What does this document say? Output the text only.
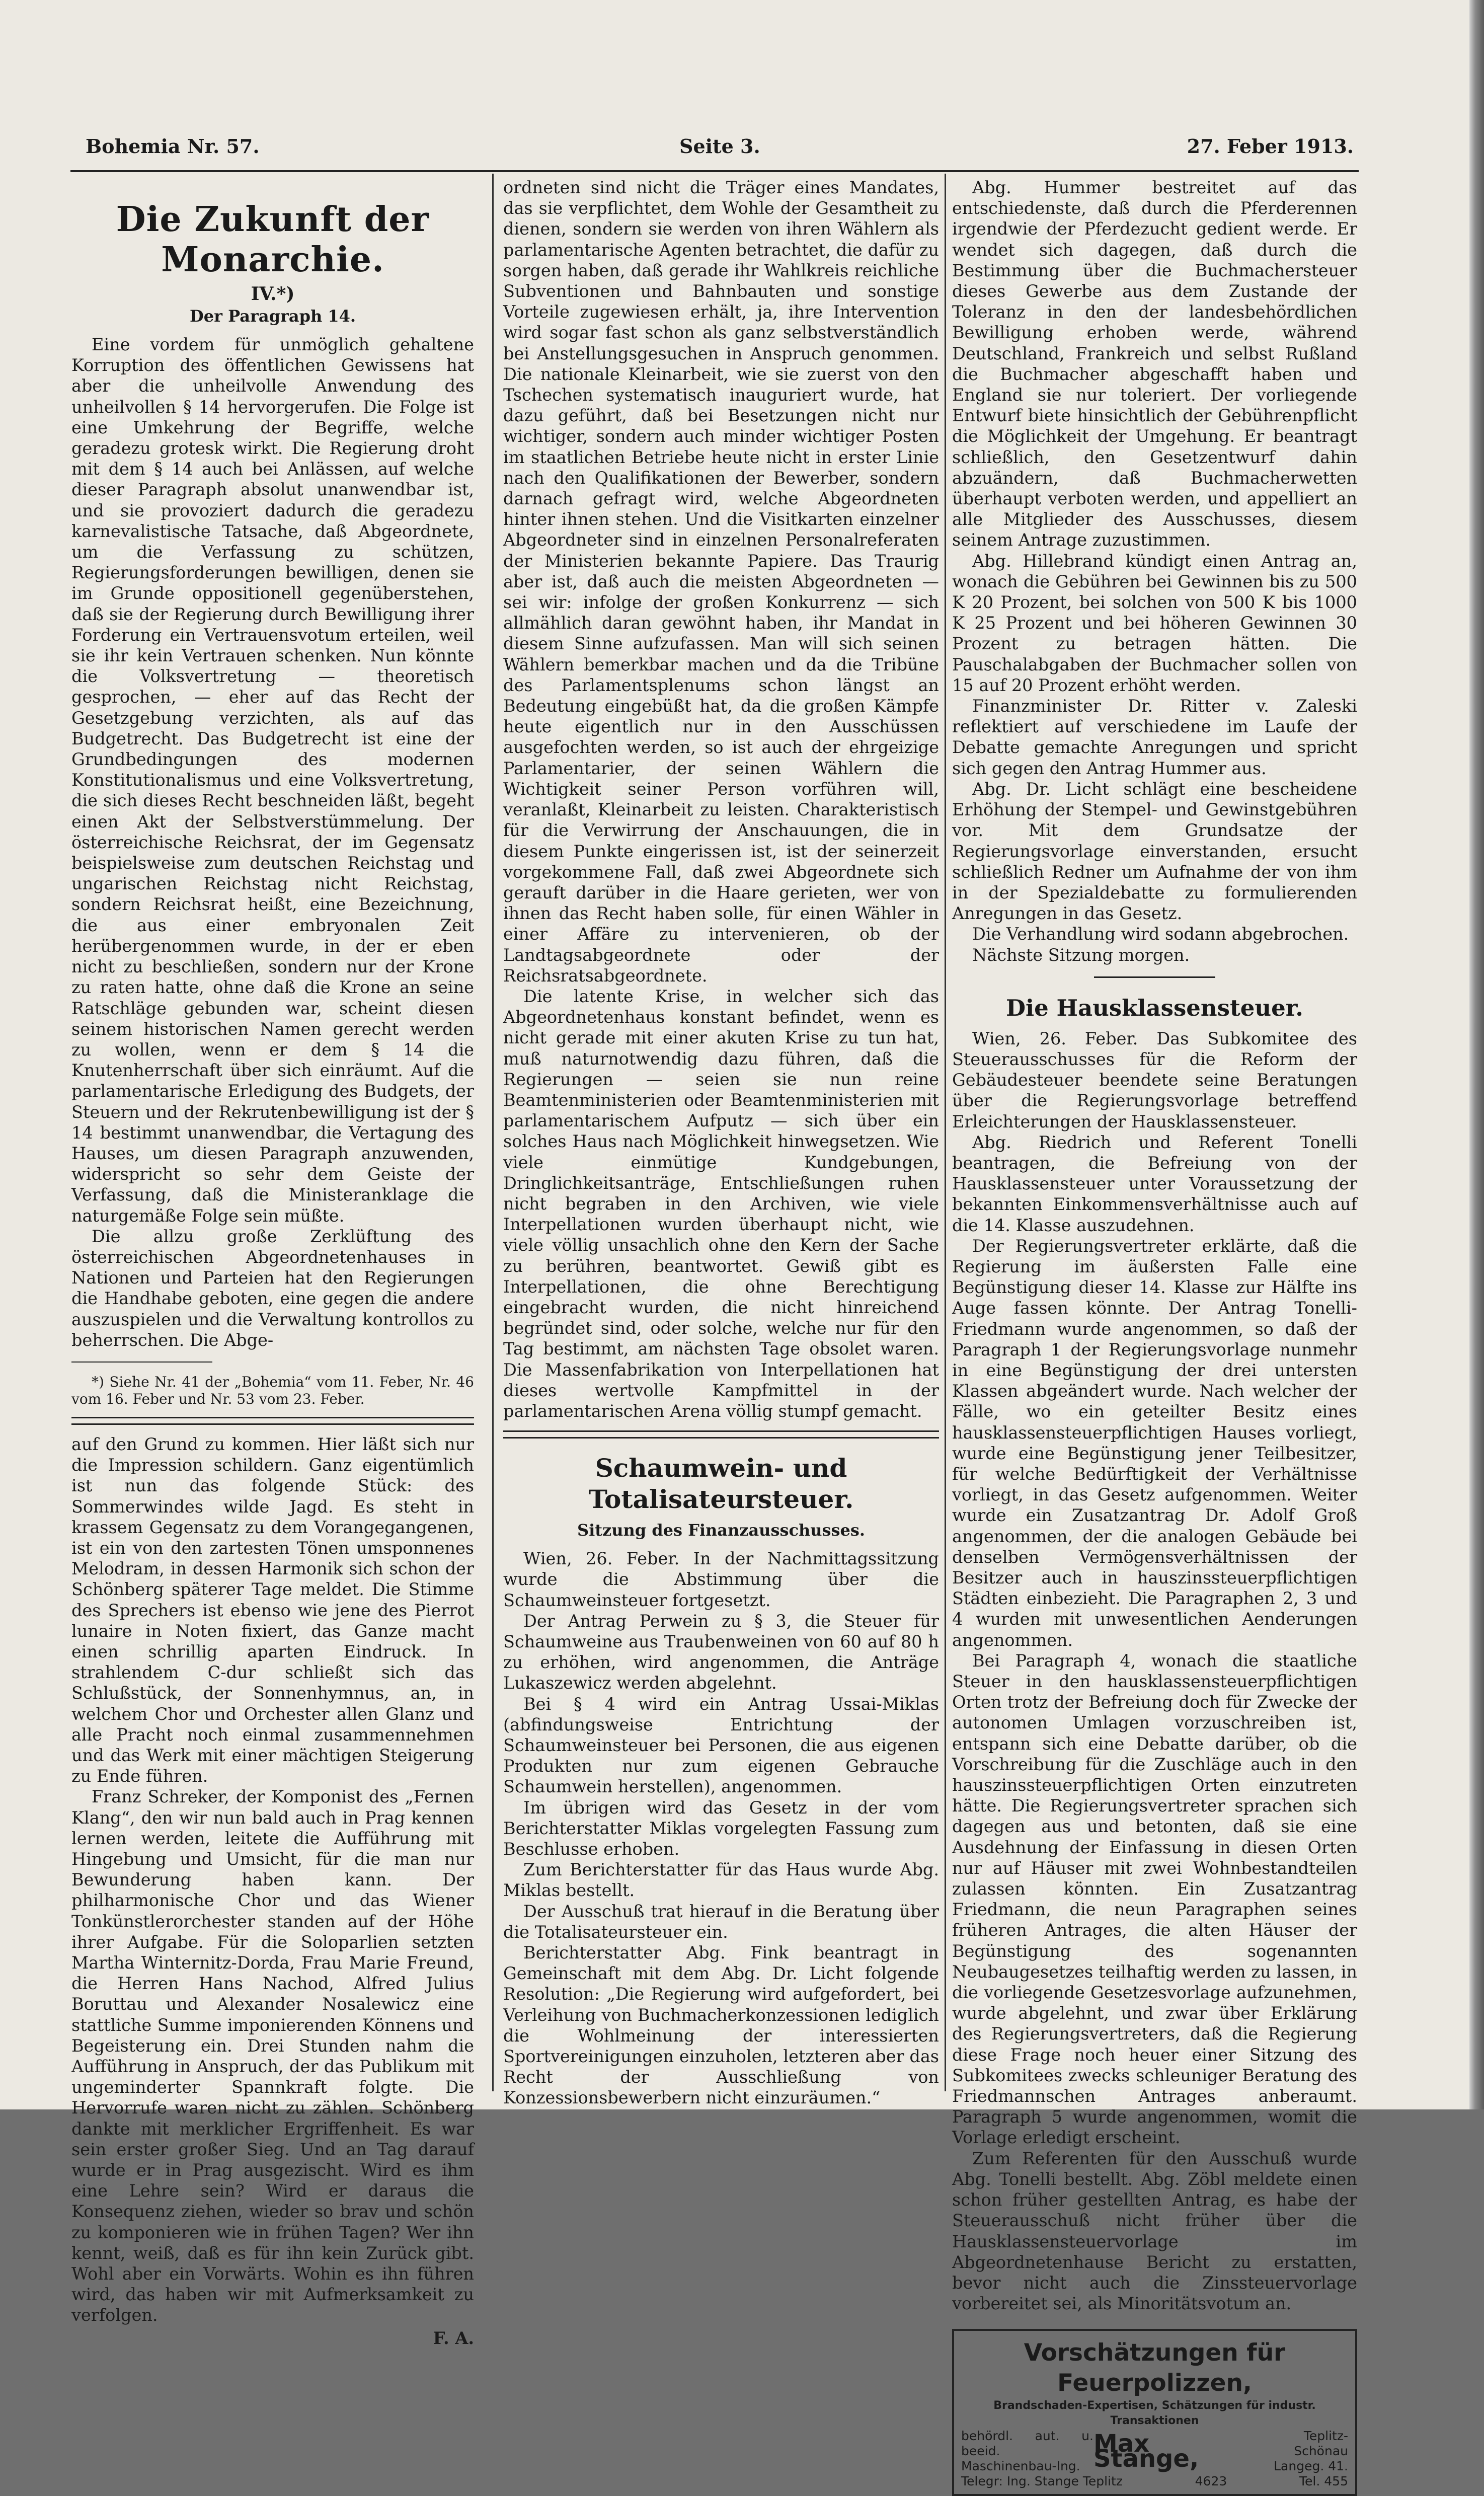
Bohemia Nr. 57.	Seite 3.	27. Feber 1913.
Die Zukunft der Monarchie.
IV.*)
Der Paragraph 14.

Eine vordem für unmöglich gehaltene Korruption des öffentlichen Gewissens hat aber die unheilvolle Anwendung des unheilvollen § 14 hervorgerufen. Die Folge ist eine Umkehrung der Begriffe, welche geradezu grotesk wirkt. Die Regierung droht mit dem § 14 auch bei Anlässen, auf welche dieser Paragraph absolut unanwendbar ist, und sie provoziert dadurch die geradezu karnevalistische Tatsache, daß Abgeordnete, um die Verfassung zu schützen, Regierungsforderungen bewilligen, denen sie im Grunde oppositionell gegenüberstehen, daß sie der Regierung durch Bewilligung ihrer Forderung ein Vertrauensvotum erteilen, weil sie ihr kein Vertrauen schenken. Nun könnte die Volksvertretung — theoretisch gesprochen, — eher auf das Recht der Gesetzgebung verzichten, als auf das Budgetrecht. Das Budgetrecht ist eine der Grundbedingungen des modernen Konstitutionalismus und eine Volksvertretung, die sich dieses Recht beschneiden läßt, begeht einen Akt der Selbstverstümmelung. Der österreichische Reichsrat, der im Gegensatz beispielsweise zum deutschen Reichstag und ungarischen Reichstag nicht Reichstag, sondern Reichsrat heißt, eine Bezeichnung, die aus einer embryonalen Zeit herübergenommen wurde, in der er eben nicht zu beschließen, sondern nur der Krone zu raten hatte, ohne daß die Krone an seine Ratschläge gebunden war, scheint diesen seinem historischen Namen gerecht werden zu wollen, wenn er dem § 14 die Knutenherrschaft über sich einräumt. Auf die parlamentarische Erledigung des Budgets, der Steuern und der Rekrutenbewilligung ist der § 14 bestimmt unanwendbar, die Vertagung des Hauses, um diesen Paragraph anzuwenden, widerspricht so sehr dem Geiste der Verfassung, daß die Ministeranklage die naturgemäße Folge sein müßte.

Die allzu große Zerklüftung des österreichischen Abgeordnetenhauses in Nationen und Parteien hat den Regierungen die Handhabe geboten, eine gegen die andere auszuspielen und die Verwaltung kontrollos zu beherrschen. Die Abge-

*) Siehe Nr. 41 der „Bohemia“ vom 11. Feber, Nr. 46 vom 16. Feber und Nr. 53 vom 23. Feber.

auf den Grund zu kommen. Hier läßt sich nur die Impression schildern. Ganz eigentümlich ist nun das folgende Stück: des Sommerwindes wilde Jagd. Es steht in krassem Gegensatz zu dem Vorangegangenen, ist ein von den zartesten Tönen umsponnenes Melodram, in dessen Harmonik sich schon der Schönberg späterer Tage meldet. Die Stimme des Sprechers ist ebenso wie jene des Pierrot lunaire in Noten fixiert, das Ganze macht einen schrillig aparten Eindruck. In strahlendem C-dur schließt sich das Schlußstück, der Sonnenhymnus, an, in welchem Chor und Orchester allen Glanz und alle Pracht noch einmal zusammennehmen und das Werk mit einer mächtigen Steigerung zu Ende führen.

Franz Schreker, der Komponist des „Fernen Klang“, den wir nun bald auch in Prag kennen lernen werden, leitete die Aufführung mit Hingebung und Umsicht, für die man nur Bewunderung haben kann. Der philharmonische Chor und das Wiener Tonkünstlerorchester standen auf der Höhe ihrer Aufgabe. Für die Soloparlien setzten Martha Winternitz-Dorda, Frau Marie Freund, die Herren Hans Nachod, Alfred Julius Boruttau und Alexander Nosalewicz eine stattliche Summe imponierenden Könnens und Begeisterung ein. Drei Stunden nahm die Aufführung in Anspruch, der das Publikum mit ungeminderter Spannkraft folgte. Die Hervorrufe waren nicht zu zählen. Schönberg dankte mit merklicher Ergriffenheit. Es war sein erster großer Sieg. Und an Tag darauf wurde er in Prag ausgezischt. Wird es ihm eine Lehre sein? Wird er daraus die Konsequenz ziehen, wieder so brav und schön zu komponieren wie in frühen Tagen? Wer ihn kennt, weiß, daß es für ihn kein Zurück gibt. Wohl aber ein Vorwärts. Wohin es ihn führen wird, das haben wir mit Aufmerksamkeit zu verfolgen.

F. A.

ordneten sind nicht die Träger eines Mandates, das sie verpflichtet, dem Wohle der Gesamtheit zu dienen, sondern sie werden von ihren Wählern als parlamentarische Agenten betrachtet, die dafür zu sorgen haben, daß gerade ihr Wahlkreis reichliche Subventionen und Bahnbauten und sonstige Vorteile zugewiesen erhält, ja, ihre Intervention wird sogar fast schon als ganz selbstverständlich bei Anstellungsgesuchen in Anspruch genommen. Die nationale Kleinarbeit, wie sie zuerst von den Tschechen systematisch inauguriert wurde, hat dazu geführt, daß bei Besetzungen nicht nur wichtiger, sondern auch minder wichtiger Posten im staatlichen Betriebe heute nicht in erster Linie nach den Qualifikationen der Bewerber, sondern darnach gefragt wird, welche Abgeordneten hinter ihnen stehen. Und die Visitkarten einzelner Abgeordneter sind in einzelnen Personalreferaten der Ministerien bekannte Papiere. Das Traurig aber ist, daß auch die meisten Abgeordneten — sei wir: infolge der großen Konkurrenz — sich allmählich daran gewöhnt haben, ihr Mandat in diesem Sinne aufzufassen. Man will sich seinen Wählern bemerkbar machen und da die Tribüne des Parlamentsplenums schon längst an Bedeutung eingebüßt hat, da die großen Kämpfe heute eigentlich nur in den Ausschüssen ausgefochten werden, so ist auch der ehrgeizige Parlamentarier, der seinen Wählern die Wichtigkeit seiner Person vorführen will, veranlaßt, Kleinarbeit zu leisten. Charakteristisch für die Verwirrung der Anschauungen, die in diesem Punkte eingerissen ist, ist der seinerzeit vorgekommene Fall, daß zwei Abgeordnete sich gerauft darüber in die Haare gerieten, wer von ihnen das Recht haben solle, für einen Wähler in einer Affäre zu intervenieren, ob der Landtagsabgeordnete oder der Reichsratsabgeordnete.

Die latente Krise, in welcher sich das Abgeordnetenhaus konstant befindet, wenn es nicht gerade mit einer akuten Krise zu tun hat, muß naturnotwendig dazu führen, daß die Regierungen — seien sie nun reine Beamtenministerien oder Beamtenministerien mit parlamentarischem Aufputz — sich über ein solches Haus nach Möglichkeit hinwegsetzen. Wie viele einmütige Kundgebungen, Dringlichkeitsanträge, Entschließungen ruhen nicht begraben in den Archiven, wie viele Interpellationen wurden überhaupt nicht, wie viele völlig unsachlich ohne den Kern der Sache zu berühren, beantwortet. Gewiß gibt es Interpellationen, die ohne Berechtigung eingebracht wurden, die nicht hinreichend begründet sind, oder solche, welche nur für den Tag bestimmt, am nächsten Tage obsolet waren. Die Massenfabrikation von Interpellationen hat dieses wertvolle Kampfmittel in der parlamentarischen Arena völlig stumpf gemacht.

Schaumwein- und Totalisateursteuer.
Sitzung des Finanzausschusses.

Wien, 26. Feber. In der Nachmittagssitzung wurde die Abstimmung über die Schaumweinsteuer fortgesetzt.

Der Antrag Perwein zu § 3, die Steuer für Schaumweine aus Traubenweinen von 60 auf 80 h zu erhöhen, wird angenommen, die Anträge Lukaszewicz werden abgelehnt.

Bei § 4 wird ein Antrag Ussai-Miklas (abfindungsweise Entrichtung der Schaumweinsteuer bei Personen, die aus eigenen Produkten nur zum eigenen Gebrauche Schaumwein herstellen), angenommen.

Im übrigen wird das Gesetz in der vom Berichterstatter Miklas vorgelegten Fassung zum Beschlusse erhoben.

Zum Berichterstatter für das Haus wurde Abg. Miklas bestellt.

Der Ausschuß trat hierauf in die Beratung über die Totalisateursteuer ein.

Berichterstatter Abg. Fink beantragt in Gemeinschaft mit dem Abg. Dr. Licht folgende Resolution: „Die Regierung wird aufgefordert, bei Verleihung von Buchmacherkonzessionen lediglich die Wohlmeinung der interessierten Sportvereinigungen einzuholen, letzteren aber das Recht der Ausschließung von Konzessionsbewerbern nicht einzuräumen.“

Abg. Hummer bestreitet auf das entschiedenste, daß durch die Pferderennen irgendwie der Pferdezucht gedient werde. Er wendet sich dagegen, daß durch die Bestimmung über die Buchmachersteuer dieses Gewerbe aus dem Zustande der Toleranz in den der landesbehördlichen Bewilligung erhoben werde, während Deutschland, Frankreich und selbst Rußland die Buchmacher abgeschafft haben und England sie nur toleriert. Der vorliegende Entwurf biete hinsichtlich der Gebührenpflicht die Möglichkeit der Umgehung. Er beantragt schließlich, den Gesetzentwurf dahin abzuändern, daß Buchmacherwetten überhaupt verboten werden, und appelliert an alle Mitglieder des Ausschusses, diesem seinem Antrage zuzustimmen.

Abg. Hillebrand kündigt einen Antrag an, wonach die Gebühren bei Gewinnen bis zu 500 K 20 Prozent, bei solchen von 500 K bis 1000 K 25 Prozent und bei höheren Gewinnen 30 Prozent zu betragen hätten. Die Pauschalabgaben der Buchmacher sollen von 15 auf 20 Prozent erhöht werden.

Finanzminister Dr. Ritter v. Zaleski reflektiert auf verschiedene im Laufe der Debatte gemachte Anregungen und spricht sich gegen den Antrag Hummer aus.

Abg. Dr. Licht schlägt eine bescheidene Erhöhung der Stempel- und Gewinstgebühren vor. Mit dem Grundsatze der Regierungsvorlage einverstanden, ersucht schließlich Redner um Aufnahme der von ihm in der Spezialdebatte zu formulierenden Anregungen in das Gesetz.

Die Verhandlung wird sodann abgebrochen.

Nächste Sitzung morgen.

Die Hausklassensteuer.

Wien, 26. Feber. Das Subkomitee des Steuerausschusses für die Reform der Gebäudesteuer beendete seine Beratungen über die Regierungsvorlage betreffend Erleichterungen der Hausklassensteuer.

Abg. Riedrich und Referent Tonelli beantragen, die Befreiung von der Hausklassensteuer unter Voraussetzung der bekannten Einkommensverhältnisse auch auf die 14. Klasse auszudehnen.

Der Regierungsvertreter erklärte, daß die Regierung im äußersten Falle eine Begünstigung dieser 14. Klasse zur Hälfte ins Auge fassen könnte. Der Antrag Tonelli-Friedmann wurde angenommen, so daß der Paragraph 1 der Regierungsvorlage nunmehr in eine Begünstigung der drei untersten Klassen abgeändert wurde. Nach welcher der Fälle, wo ein geteilter Besitz eines hausklassensteuerpflichtigen Hauses vorliegt, wurde eine Begünstigung jener Teilbesitzer, für welche Bedürftigkeit der Verhältnisse vorliegt, in das Gesetz aufgenommen. Weiter wurde ein Zusatzantrag Dr. Adolf Groß angenommen, der die analogen Gebäude bei denselben Vermögensverhältnissen der Besitzer auch in hauszinssteuerpflichtigen Städten einbezieht. Die Paragraphen 2, 3 und 4 wurden mit unwesentlichen Aenderungen angenommen.

Bei Paragraph 4, wonach die staatliche Steuer in den hausklassensteuerpflichtigen Orten trotz der Befreiung doch für Zwecke der autonomen Umlagen vorzuschreiben ist, entspann sich eine Debatte darüber, ob die Vorschreibung für die Zuschläge auch in den hauszinssteuerpflichtigen Orten einzutreten hätte. Die Regierungsvertreter sprachen sich dagegen aus und betonten, daß sie eine Ausdehnung der Einfassung in diesen Orten nur auf Häuser mit zwei Wohnbestandteilen zulassen könnten. Ein Zusatzantrag Friedmann, die neun Paragraphen seines früheren Antrages, die alten Häuser der Begünstigung des sogenannten Neubaugesetzes teilhaftig werden zu lassen, in die vorliegende Gesetzesvorlage aufzunehmen, wurde abgelehnt, und zwar über Erklärung des Regierungsvertreters, daß die Regierung diese Frage noch heuer einer Sitzung des Subkomitees zwecks schleuniger Beratung des Friedmannschen Antrages anberaumt. Paragraph 5 wurde angenommen, womit die Vorlage erledigt erscheint.

Zum Referenten für den Ausschuß wurde Abg. Tonelli bestellt. Abg. Zöbl meldete einen schon früher gestellten Antrag, es habe der Steuerausschuß nicht früher über die Hausklassensteuervorlage im Abgeordnetenhause Bericht zu erstatten, bevor nicht auch die Zinssteuervorlage vorbereitet sei, als Minoritätsvotum an.

Vorschätzungen für Feuerpolizzen,
Brandschaden-Expertisen, Schätzungen für industr. Transaktionen
behördl. aut. u. beeid.
Maschinenbau-Ing.
Max Stange,
Teplitz-Schönau
Langeg. 41.
Telegr: Ing. Stange Teplitz	4623	Tel. 455
